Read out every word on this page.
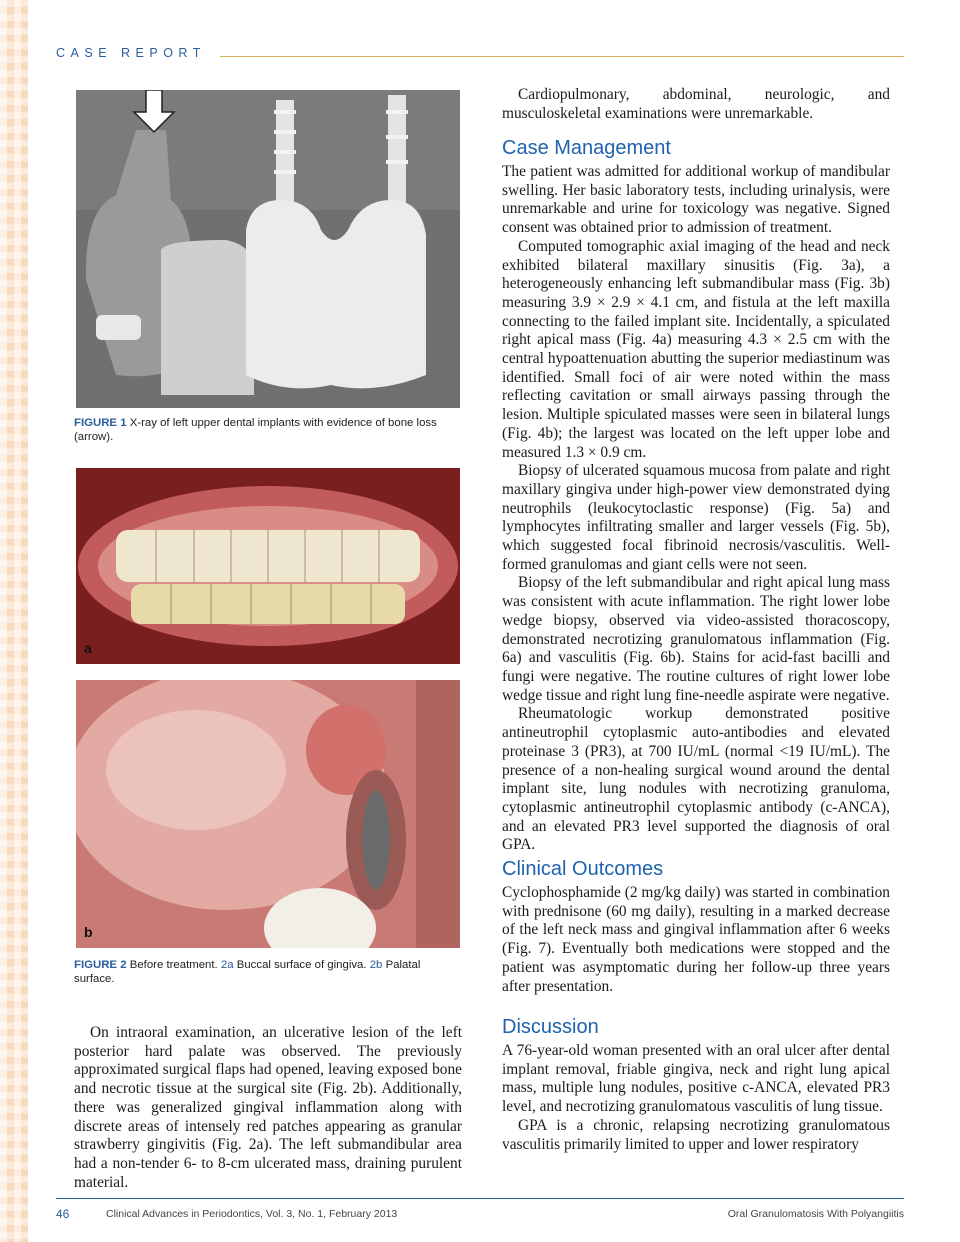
CASE REPORT
FIGURE 1 X-ray of left upper dental implants with evidence of bone loss (arrow).
a
b
FIGURE 2 Before treatment. 2a Buccal surface of gingiva. 2b Palatal surface.

On intraoral examination, an ulcerative lesion of the left posterior hard palate was observed. The previously approximated surgical flaps had opened, leaving exposed bone and necrotic tissue at the surgical site (Fig. 2b). Additionally, there was generalized gingival inflammation along with discrete areas of intensely red patches appearing as granular strawberry gingivitis (Fig. 2a). The left submandibular area had a non-tender 6- to 8-cm ulcerated mass, draining purulent material.

Cardiopulmonary, abdominal, neurologic, and musculoskeletal examinations were unremarkable.

Case Management

The patient was admitted for additional workup of mandibular swelling. Her basic laboratory tests, including urinalysis, were unremarkable and urine for toxicology was negative. Signed consent was obtained prior to admission of treatment.

Computed tomographic axial imaging of the head and neck exhibited bilateral maxillary sinusitis (Fig. 3a), a heterogeneously enhancing left submandibular mass (Fig. 3b) measuring 3.9 × 2.9 × 4.1 cm, and fistula at the left maxilla connecting to the failed implant site. Incidentally, a spiculated right apical mass (Fig. 4a) measuring 4.3 × 2.5 cm with the central hypoattenuation abutting the superior mediastinum was identified. Small foci of air were noted within the mass reflecting cavitation or small airways passing through the lesion. Multiple spiculated masses were seen in bilateral lungs (Fig. 4b); the largest was located on the left upper lobe and measured 1.3 × 0.9 cm.

Biopsy of ulcerated squamous mucosa from palate and right maxillary gingiva under high-power view demonstrated dying neutrophils (leukocytoclastic response) (Fig. 5a) and lymphocytes infiltrating smaller and larger vessels (Fig. 5b), which suggested focal fibrinoid necrosis/vasculitis. Well-formed granulomas and giant cells were not seen.

Biopsy of the left submandibular and right apical lung mass was consistent with acute inflammation. The right lower lobe wedge biopsy, observed via video-assisted thoracoscopy, demonstrated necrotizing granulomatous inflammation (Fig. 6a) and vasculitis (Fig. 6b). Stains for acid-fast bacilli and fungi were negative. The routine cultures of right lower lobe wedge tissue and right lung fine-needle aspirate were negative.

Rheumatologic workup demonstrated positive antineutrophil cytoplasmic auto-antibodies and elevated proteinase 3 (PR3), at 700 IU/mL (normal <19 IU/mL). The presence of a non-healing surgical wound around the dental implant site, lung nodules with necrotizing granuloma, cytoplasmic antineutrophil cytoplasmic antibody (c-ANCA), and an elevated PR3 level supported the diagnosis of oral GPA.

Clinical Outcomes

Cyclophosphamide (2 mg/kg daily) was started in combination with prednisone (60 mg daily), resulting in a marked decrease of the left neck mass and gingival inflammation after 6 weeks (Fig. 7). Eventually both medications were stopped and the patient was asymptomatic during her follow-up three years after presentation.

Discussion

A 76-year-old woman presented with an oral ulcer after dental implant removal, friable gingiva, neck and right lung apical mass, multiple lung nodules, positive c-ANCA, elevated PR3 level, and necrotizing granulomatous vasculitis of lung tissue.

GPA is a chronic, relapsing necrotizing granulomatous vasculitis primarily limited to upper and lower respiratory

46	Clinical Advances in Periodontics, Vol. 3, No. 1, February 2013	Oral Granulomatosis With Polyangiitis
